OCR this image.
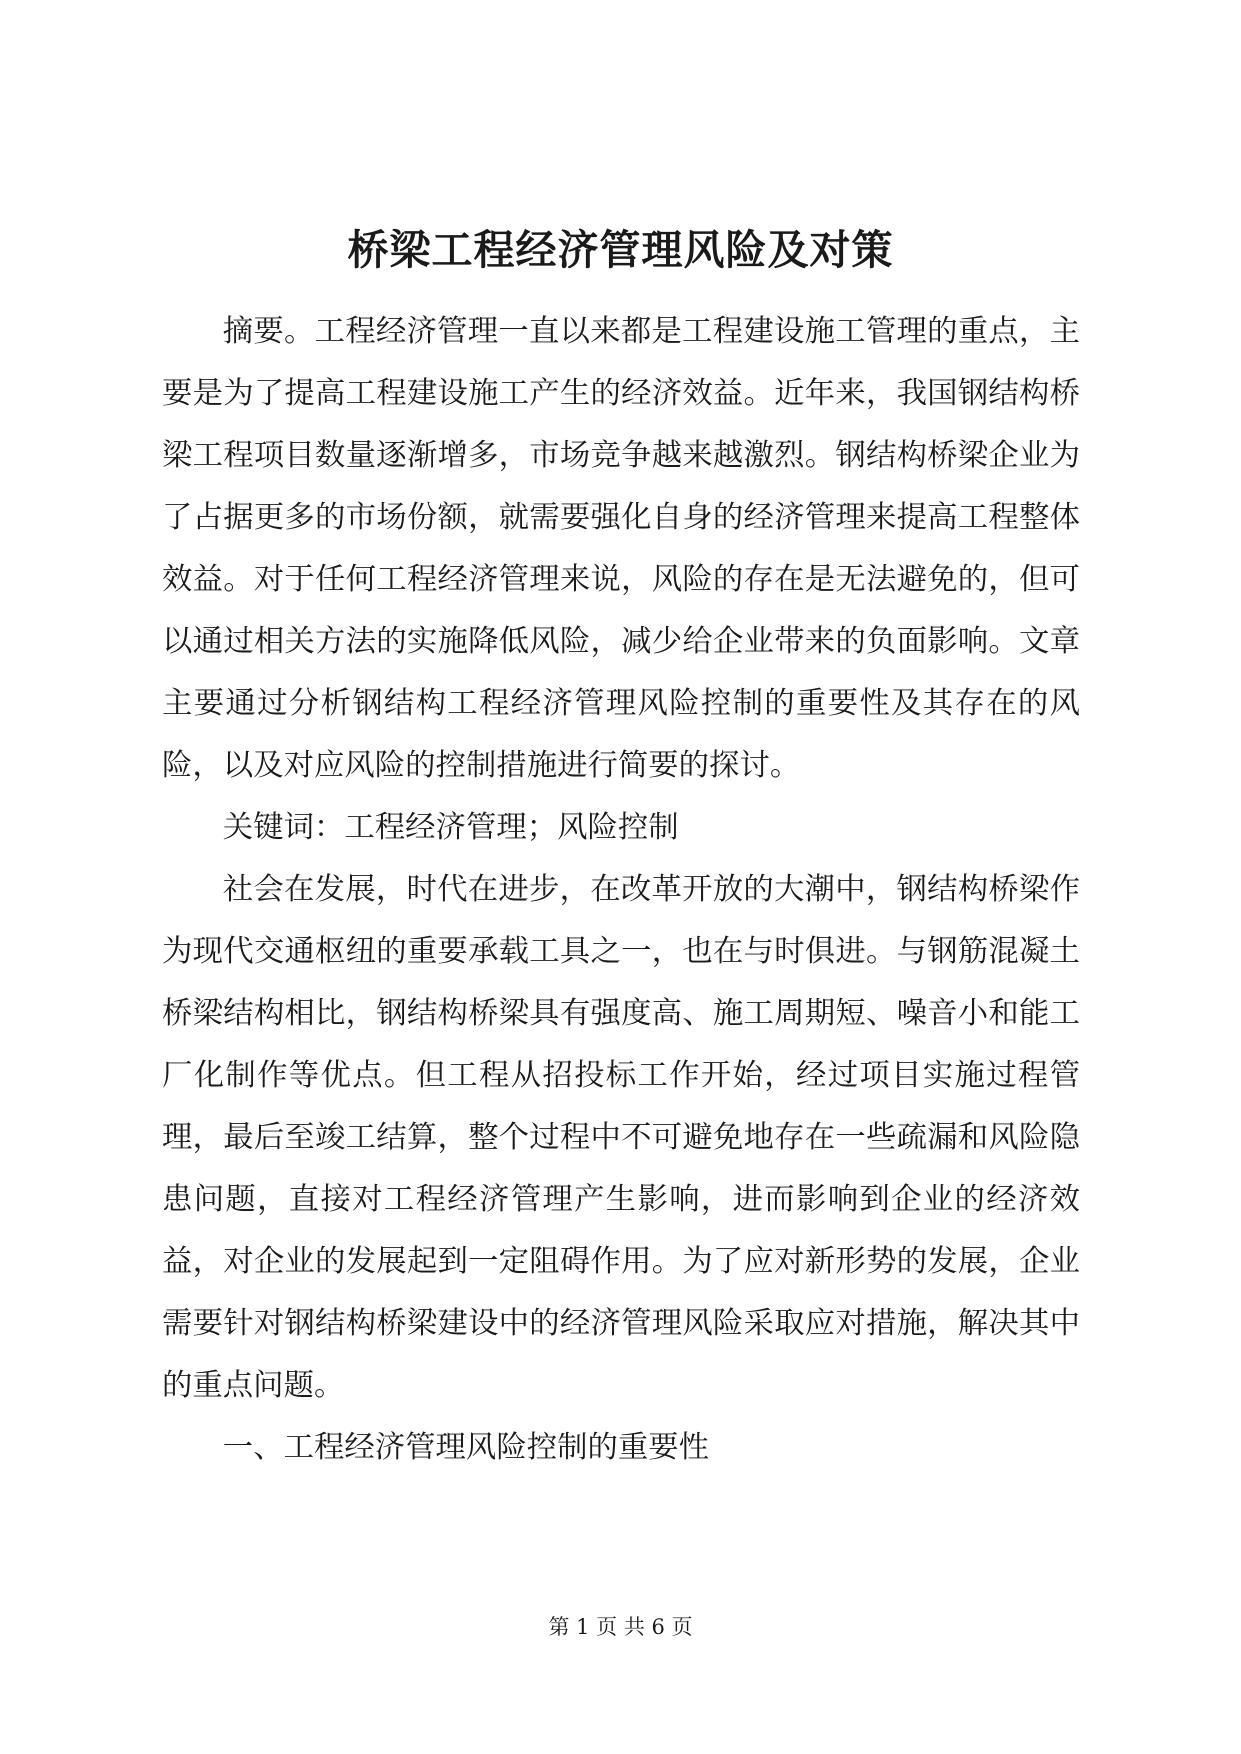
桥梁工程经济管理风险及对策

摘要。工程经济管理一直以来都是工程建设施工管理的重点，主要是为了提高工程建设施工产生的经济效益。近年来，我国钢结构桥梁工程项目数量逐渐增多，市场竞争越来越激烈。钢结构桥梁企业为了占据更多的市场份额，就需要强化自身的经济管理来提高工程整体效益。对于任何工程经济管理来说，风险的存在是无法避免的，但可以通过相关方法的实施降低风险，减少给企业带来的负面影响。文章主要通过分析钢结构工程经济管理风险控制的重要性及其存在的风险，以及对应风险的控制措施进行简要的探讨。

关键词：工程经济管理；风险控制

社会在发展，时代在进步，在改革开放的大潮中，钢结构桥梁作为现代交通枢纽的重要承载工具之一，也在与时俱进。与钢筋混凝土桥梁结构相比，钢结构桥梁具有强度高、施工周期短、噪音小和能工厂化制作等优点。但工程从招投标工作开始，经过项目实施过程管理，最后至竣工结算，整个过程中不可避免地存在一些疏漏和风险隐患问题，直接对工程经济管理产生影响，进而影响到企业的经济效益，对企业的发展起到一定阻碍作用。为了应对新形势的发展，企业需要针对钢结构桥梁建设中的经济管理风险采取应对措施，解决其中的重点问题。

一、工程经济管理风险控制的重要性

第 1 页 共 6 页
